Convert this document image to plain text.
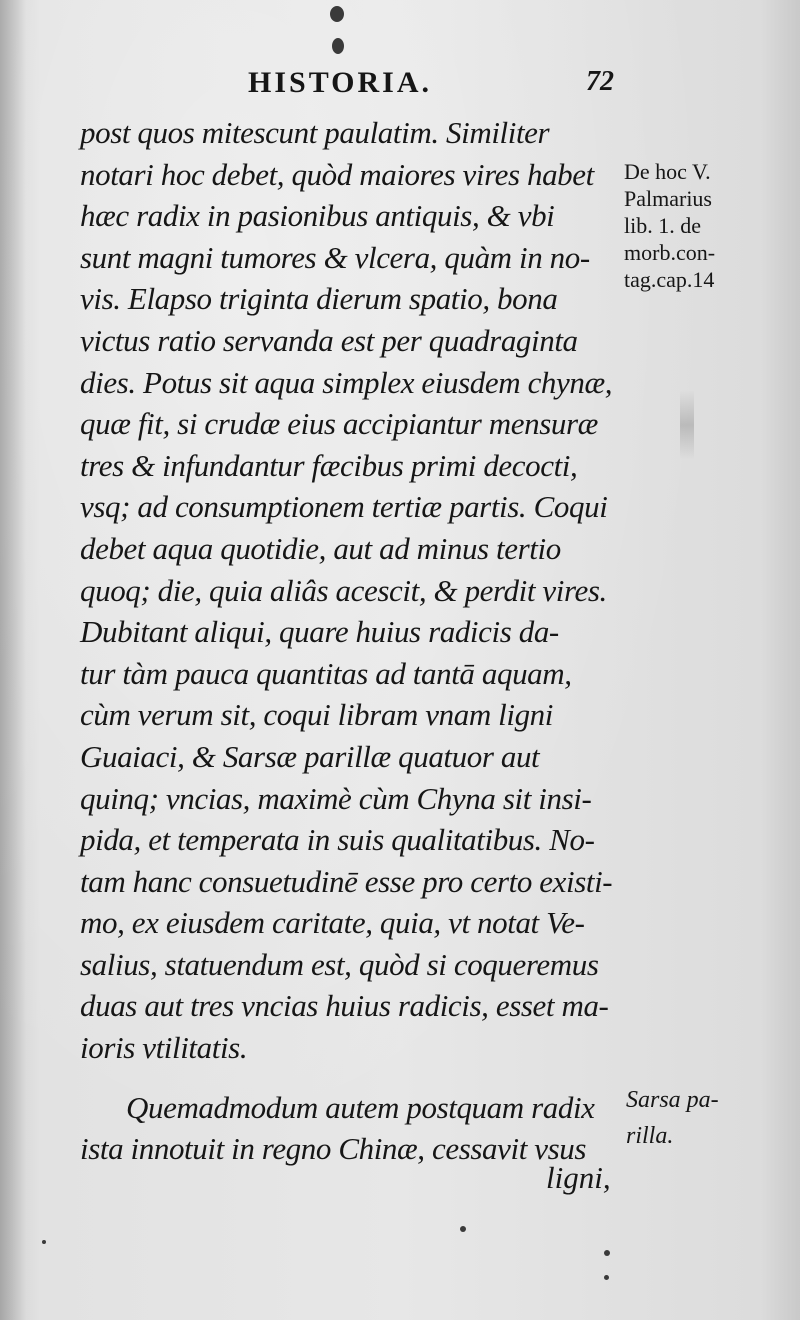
HISTORIA.	72
post quos mitescunt paulatim. Similiter
notari hoc debet, quòd maiores vires habet
hæc radix in pasionibus antiquis, & vbi
sunt magni tumores & vlcera, quàm in no-
vis. Elapso triginta dierum spatio, bona
victus ratio servanda est per quadraginta
dies. Potus sit aqua simplex eiusdem chynæ,
quæ fit, si crudæ eius accipiantur mensuræ
tres & infundantur fæcibus primi decocti,
vsq; ad consumptionem tertiæ partis. Coqui
debet aqua quotidie, aut ad minus tertio
quoq; die, quia aliâs acescit, & perdit vires.
Dubitant aliqui, quare huius radicis da-
tur tàm pauca quantitas ad tantā aquam,
cùm verum sit, coqui libram vnam ligni
Guaiaci, & Sarsæ parillæ quatuor aut
quinq; vncias, maximè cùm Chyna sit insi-
pida, et temperata in suis qualitatibus. No-
tam hanc consuetudinē esse pro certo existi-
mo, ex eiusdem caritate, quia, vt notat Ve-
salius, statuendum est, quòd si coqueremus
duas aut tres vncias huius radicis, esset ma-
ioris vtilitatis.
Quemadmodum autem postquam radix
ista innotuit in regno Chinæ, cessavit vsus
ligni,
De hoc V.
Palmarius
lib. 1. de
morb.con-
tag.cap.14
Sarsa pa-
rilla.
